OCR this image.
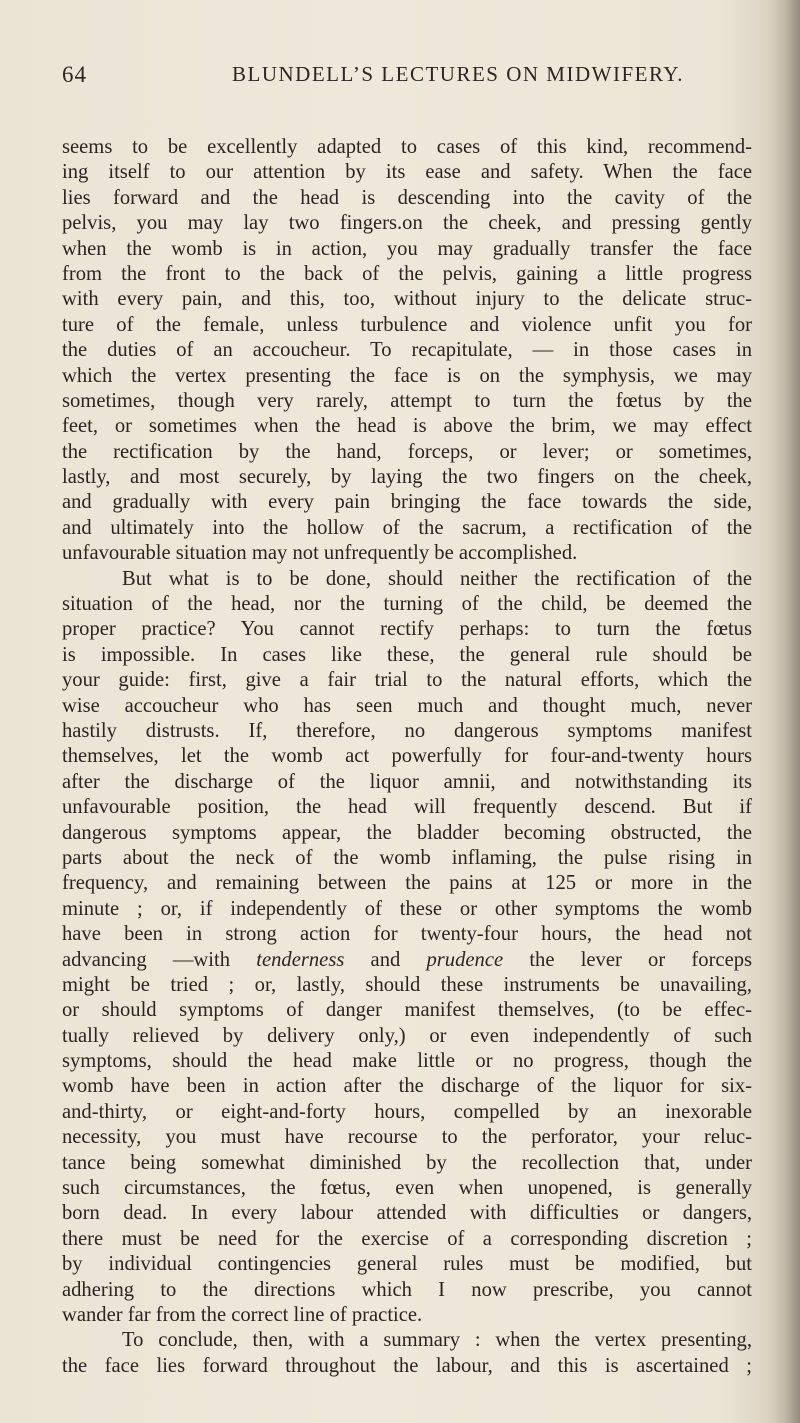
64	BLUNDELL’S LECTURES ON MIDWIFERY.
seems to be excellently adapted to cases of this kind, recommend-
ing itself to our attention by its ease and safety. When the face
lies forward and the head is descending into the cavity of the
pelvis, you may lay two fingers.on the cheek, and pressing gently
when the womb is in action, you may gradually transfer the face
from the front to the back of the pelvis, gaining a little progress
with every pain, and this, too, without injury to the delicate struc-
ture of the female, unless turbulence and violence unfit you for
the duties of an accoucheur. To recapitulate, — in those cases in
which the vertex presenting the face is on the symphysis, we may
sometimes, though very rarely, attempt to turn the fœtus by the
feet, or sometimes when the head is above the brim, we may effect
the rectification by the hand, forceps, or lever; or sometimes,
lastly, and most securely, by laying the two fingers on the cheek,
and gradually with every pain bringing the face towards the side,
and ultimately into the hollow of the sacrum, a rectification of the
unfavourable situation may not unfrequently be accomplished.
But what is to be done, should neither the rectification of the
situation of the head, nor the turning of the child, be deemed the
proper practice? You cannot rectify perhaps: to turn the fœtus
is impossible. In cases like these, the general rule should be
your guide: first, give a fair trial to the natural efforts, which the
wise accoucheur who has seen much and thought much, never
hastily distrusts. If, therefore, no dangerous symptoms manifest
themselves, let the womb act powerfully for four-and-twenty hours
after the discharge of the liquor amnii, and notwithstanding its
unfavourable position, the head will frequently descend. But if
dangerous symptoms appear, the bladder becoming obstructed, the
parts about the neck of the womb inflaming, the pulse rising in
frequency, and remaining between the pains at 125 or more in the
minute ; or, if independently of these or other symptoms the womb
have been in strong action for twenty-four hours, the head not
advancing —with tenderness and prudence the lever or forceps
might be tried ; or, lastly, should these instruments be unavailing,
or should symptoms of danger manifest themselves, (to be effec-
tually relieved by delivery only,) or even independently of such
symptoms, should the head make little or no progress, though the
womb have been in action after the discharge of the liquor for six-
and-thirty, or eight-and-forty hours, compelled by an inexorable
necessity, you must have recourse to the perforator, your reluc-
tance being somewhat diminished by the recollection that, under
such circumstances, the fœtus, even when unopened, is generally
born dead. In every labour attended with difficulties or dangers,
there must be need for the exercise of a corresponding discretion ;
by individual contingencies general rules must be modified, but
adhering to the directions which I now prescribe, you cannot
wander far from the correct line of practice.
To conclude, then, with a summary : when the vertex presenting,
the face lies forward throughout the labour, and this is ascertained ;
